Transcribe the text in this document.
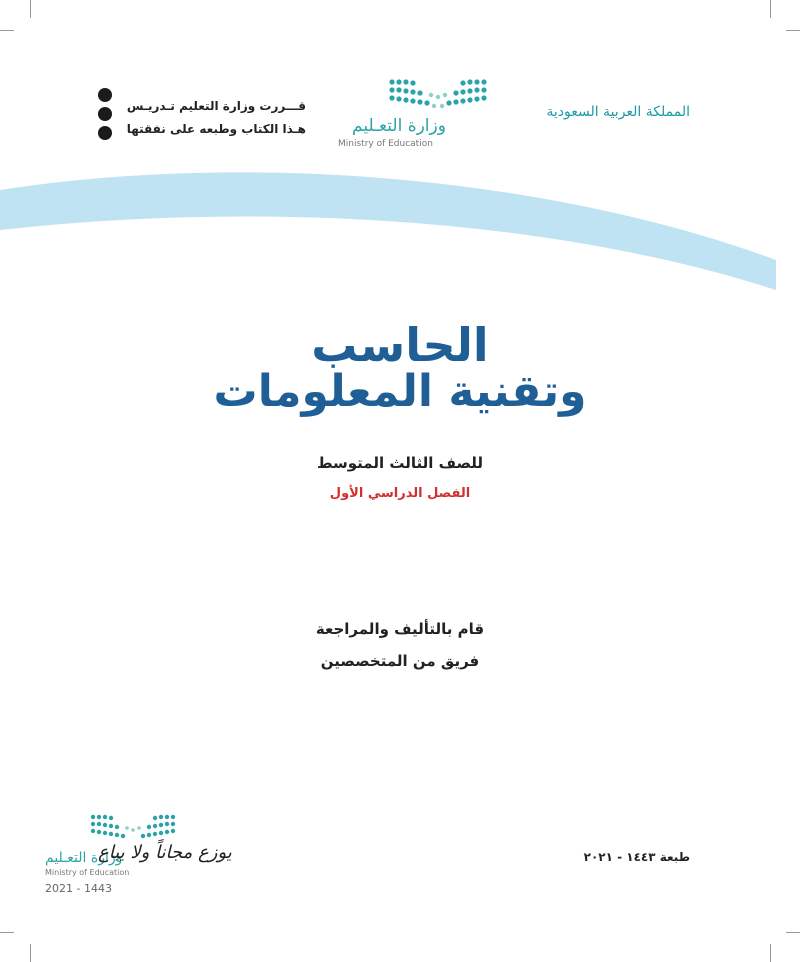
المملكة العربية السعودية
وزارة التعـليم
Ministry of Education
قـــررت وزارة التعليم تـدريـس
هـذا الكتاب وطبعه على نفقتها
الحاسب
وتقنية المعلومات
للصف الثالث المتوسط
الفصل الدراسي الأول
قام بالتأليف والمراجعة
فريق من المتخصصين
وزارة التعـليم
Ministry of Education
2021 - 1443
يوزع مجاناً ولا يباع	طبعة ١٤٤٣ - ٢٠٢١
